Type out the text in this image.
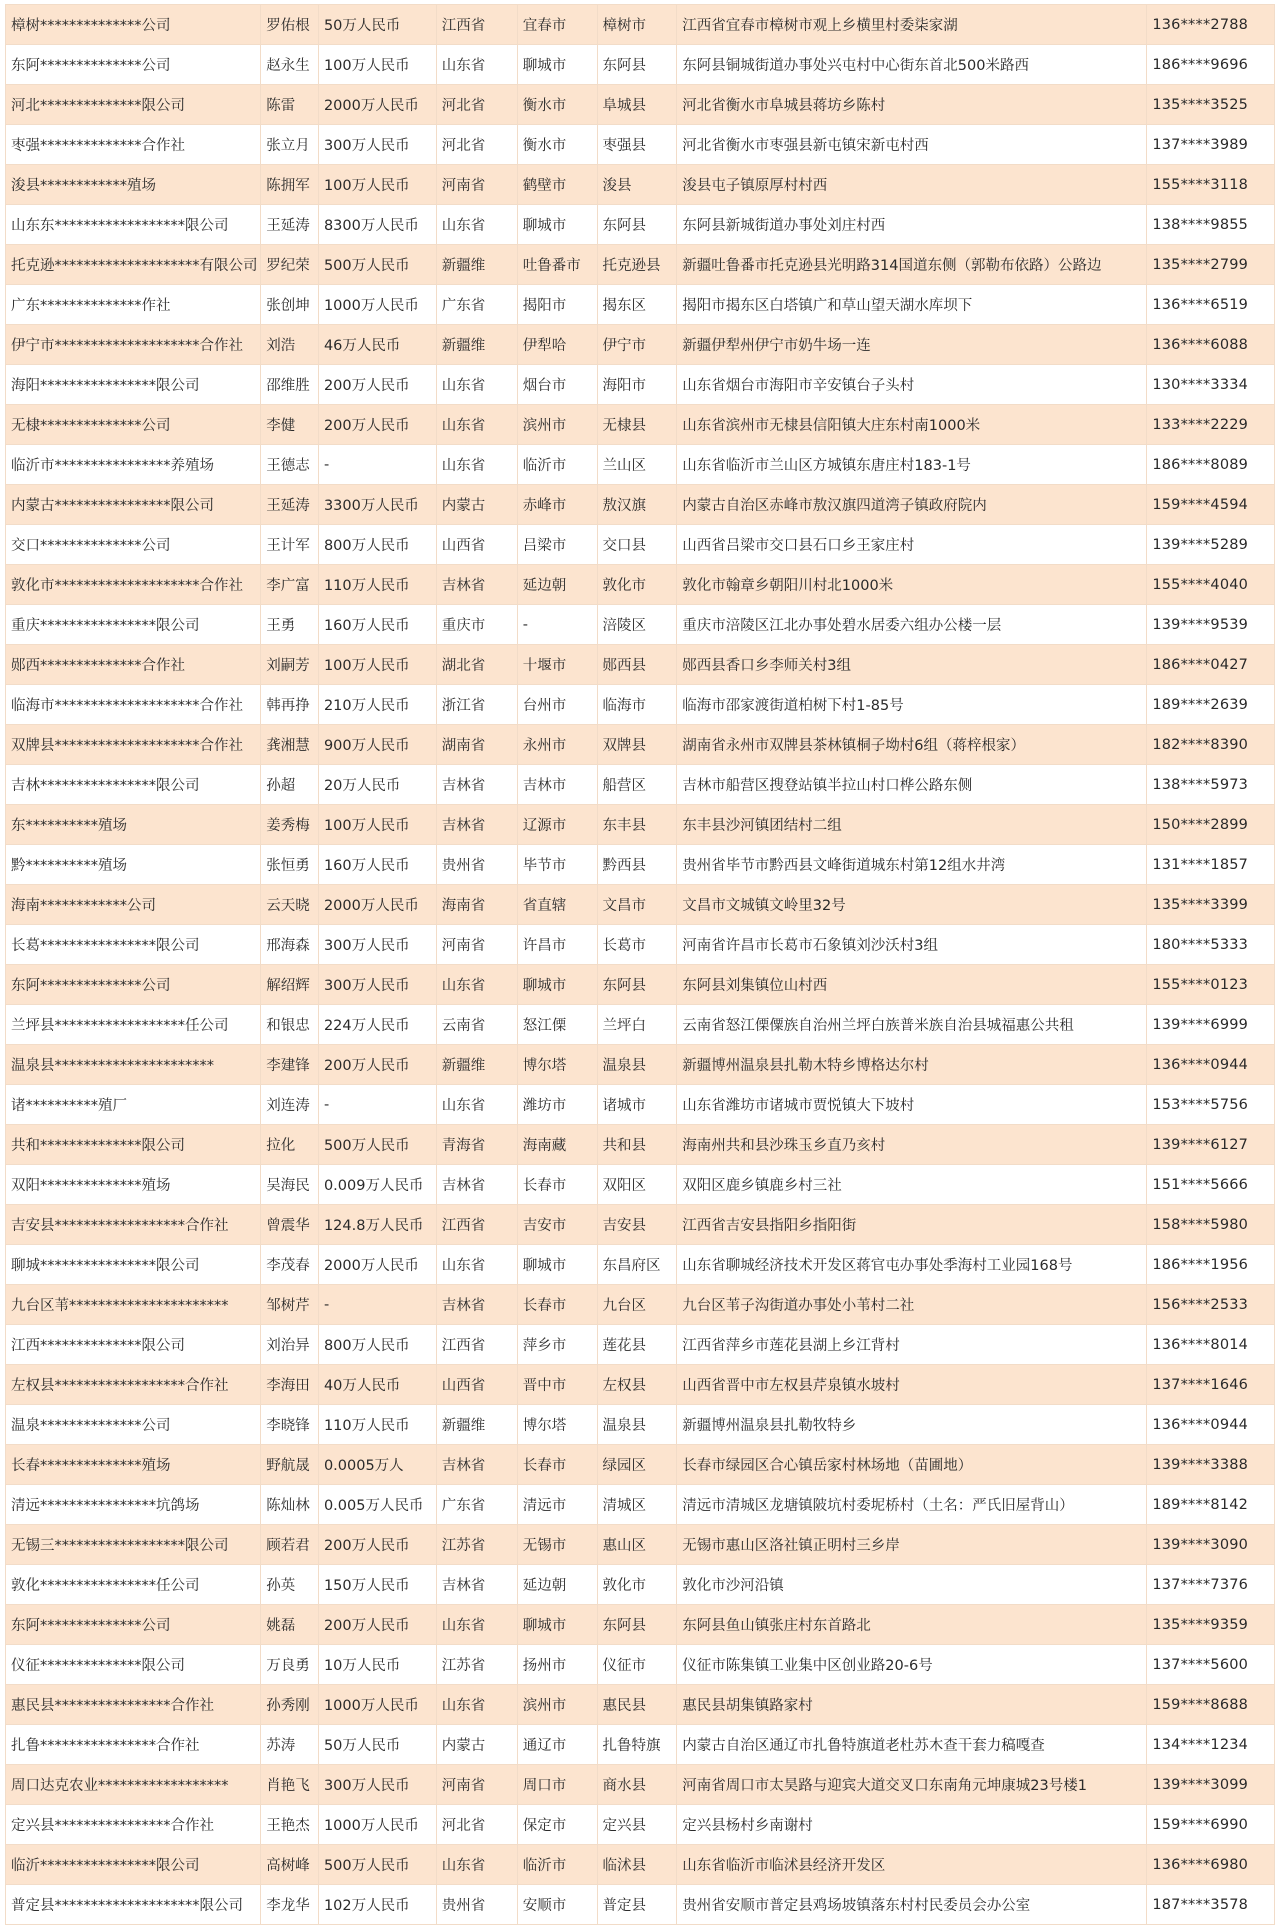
樟树**************公司	罗佑根	50万人民币	江西省	宜春市	樟树市	江西省宜春市樟树市观上乡横里村委柒家湖	136****2788
东阿**************公司	赵永生	100万人民币	山东省	聊城市	东阿县	东阿县铜城街道办事处兴屯村中心街东首北500米路西	186****9696
河北**************限公司	陈雷	2000万人民币	河北省	衡水市	阜城县	河北省衡水市阜城县蒋坊乡陈村	135****3525
枣强**************合作社	张立月	300万人民币	河北省	衡水市	枣强县	河北省衡水市枣强县新屯镇宋新屯村西	137****3989
浚县************殖场	陈拥军	100万人民币	河南省	鹤壁市	浚县	浚县屯子镇原厚村村西	155****3118
山东东******************限公司	王延涛	8300万人民币	山东省	聊城市	东阿县	东阿县新城街道办事处刘庄村西	138****9855
托克逊********************有限公司	罗纪荣	500万人民币	新疆维	吐鲁番市	托克逊县	新疆吐鲁番市托克逊县光明路314国道东侧（郭勒布依路）公路边	135****2799
广东**************作社	张创坤	1000万人民币	广东省	揭阳市	揭东区	揭阳市揭东区白塔镇广和草山望天湖水库坝下	136****6519
伊宁市********************合作社	刘浩	46万人民币	新疆维	伊犁哈	伊宁市	新疆伊犁州伊宁市奶牛场一连	136****6088
海阳****************限公司	邵维胜	200万人民币	山东省	烟台市	海阳市	山东省烟台市海阳市辛安镇台子头村	130****3334
无棣**************公司	李健	200万人民币	山东省	滨州市	无棣县	山东省滨州市无棣县信阳镇大庄东村南1000米	133****2229
临沂市****************养殖场	王德志	-	山东省	临沂市	兰山区	山东省临沂市兰山区方城镇东唐庄村183-1号	186****8089
内蒙古****************限公司	王延涛	3300万人民币	内蒙古	赤峰市	敖汉旗	内蒙古自治区赤峰市敖汉旗四道湾子镇政府院内	159****4594
交口**************公司	王计军	800万人民币	山西省	吕梁市	交口县	山西省吕梁市交口县石口乡王家庄村	139****5289
敦化市********************合作社	李广富	110万人民币	吉林省	延边朝	敦化市	敦化市翰章乡朝阳川村北1000米	155****4040
重庆****************限公司	王勇	160万人民币	重庆市	-	涪陵区	重庆市涪陵区江北办事处碧水居委六组办公楼一层	139****9539
郧西**************合作社	刘嗣芳	100万人民币	湖北省	十堰市	郧西县	郧西县香口乡李师关村3组	186****0427
临海市********************合作社	韩再挣	210万人民币	浙江省	台州市	临海市	临海市邵家渡街道柏树下村1-85号	189****2639
双牌县********************合作社	龚湘慧	900万人民币	湖南省	永州市	双牌县	湖南省永州市双牌县茶林镇桐子坳村6组（蒋梓根家）	182****8390
吉林****************限公司	孙超	20万人民币	吉林省	吉林市	船营区	吉林市船营区搜登站镇半拉山村口桦公路东侧	138****5973
东**********殖场	姜秀梅	100万人民币	吉林省	辽源市	东丰县	东丰县沙河镇团结村二组	150****2899
黔**********殖场	张恒勇	160万人民币	贵州省	毕节市	黔西县	贵州省毕节市黔西县文峰街道城东村第12组水井湾	131****1857
海南************公司	云天晓	2000万人民币	海南省	省直辖	文昌市	文昌市文城镇文岭里32号	135****3399
长葛****************限公司	邢海森	300万人民币	河南省	许昌市	长葛市	河南省许昌市长葛市石象镇刘沙沃村3组	180****5333
东阿**************公司	解绍辉	300万人民币	山东省	聊城市	东阿县	东阿县刘集镇位山村西	155****0123
兰坪县******************任公司	和银忠	224万人民币	云南省	怒江傈	兰坪白	云南省怒江傈僳族自治州兰坪白族普米族自治县城福惠公共租	139****6999
温泉县**********************	李建锋	200万人民币	新疆维	博尔塔	温泉县	新疆博州温泉县扎勒木特乡博格达尔村	136****0944
诸**********殖厂	刘连涛	-	山东省	潍坊市	诸城市	山东省潍坊市诸城市贾悦镇大下坡村	153****5756
共和**************限公司	拉化	500万人民币	青海省	海南藏	共和县	海南州共和县沙珠玉乡直乃亥村	139****6127
双阳**************殖场	吴海民	0.009万人民币	吉林省	长春市	双阳区	双阳区鹿乡镇鹿乡村三社	151****5666
吉安县******************合作社	曾震华	124.8万人民币	江西省	吉安市	吉安县	江西省吉安县指阳乡指阳街	158****5980
聊城****************限公司	李茂春	2000万人民币	山东省	聊城市	东昌府区	山东省聊城经济技术开发区蒋官屯办事处季海村工业园168号	186****1956
九台区苇**********************	邹树芹	-	吉林省	长春市	九台区	九台区苇子沟街道办事处小苇村二社	156****2533
江西**************限公司	刘治异	800万人民币	江西省	萍乡市	莲花县	江西省萍乡市莲花县湖上乡江背村	136****8014
左权县******************合作社	李海田	40万人民币	山西省	晋中市	左权县	山西省晋中市左权县芹泉镇水坡村	137****1646
温泉**************公司	李晓锋	110万人民币	新疆维	博尔塔	温泉县	新疆博州温泉县扎勒牧特乡	136****0944
长春**************殖场	野航晟	0.0005万人	吉林省	长春市	绿园区	长春市绿园区合心镇岳家村林场地（苗圃地）	139****3388
清远****************坑鸽场	陈灿林	0.005万人民币	广东省	清远市	清城区	清远市清城区龙塘镇陂坑村委坭桥村（土名：严氏旧屋背山）	189****8142
无锡三******************限公司	顾若君	200万人民币	江苏省	无锡市	惠山区	无锡市惠山区洛社镇正明村三乡岸	139****3090
敦化****************任公司	孙英	150万人民币	吉林省	延边朝	敦化市	敦化市沙河沿镇	137****7376
东阿**************公司	姚磊	200万人民币	山东省	聊城市	东阿县	东阿县鱼山镇张庄村东首路北	135****9359
仪征**************限公司	万良勇	10万人民币	江苏省	扬州市	仪征市	仪征市陈集镇工业集中区创业路20-6号	137****5600
惠民县****************合作社	孙秀刚	1000万人民币	山东省	滨州市	惠民县	惠民县胡集镇路家村	159****8688
扎鲁****************合作社	苏涛	50万人民币	内蒙古	通辽市	扎鲁特旗	内蒙古自治区通辽市扎鲁特旗道老杜苏木查干套力稿嘎查	134****1234
周口达克农业******************	肖艳飞	300万人民币	河南省	周口市	商水县	河南省周口市太昊路与迎宾大道交叉口东南角元坤康城23号楼1	139****3099
定兴县****************合作社	王艳杰	1000万人民币	河北省	保定市	定兴县	定兴县杨村乡南谢村	159****6990
临沂****************限公司	高树峰	500万人民币	山东省	临沂市	临沭县	山东省临沂市临沭县经济开发区	136****6980
普定县********************限公司	李龙华	102万人民币	贵州省	安顺市	普定县	贵州省安顺市普定县鸡场坡镇落东村村民委员会办公室	187****3578
